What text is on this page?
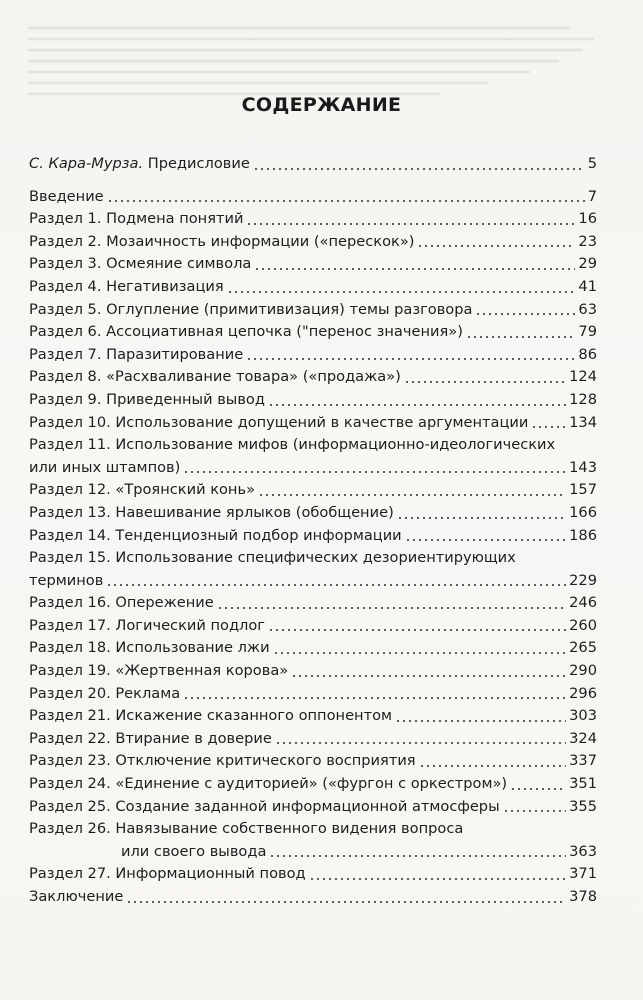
СОДЕРЖАНИЕ
С. Кара-Мурза. Предисловие	5
Введение	7
Раздел 1. Подмена понятий	16
Раздел 2. Мозаичность информации («перескок»)	23
Раздел 3. Осмеяние символа	29
Раздел 4. Негативизация	41
Раздел 5. Оглупление (примитивизация) темы разговора	63
Раздел 6. Ассоциативная цепочка ("перенос значения»)	79
Раздел 7. Паразитирование	86
Раздел 8. «Расхваливание товара» («продажа»)	124
Раздел 9. Приведенный вывод	128
Раздел 10. Использование допущений в качестве аргументации	134
Раздел 11. Использование мифов (информационно-идеологических
или иных штампов)	143
Раздел 12. «Троянский конь»	157
Раздел 13. Навешивание ярлыков (обобщение)	166
Раздел 14. Тенденциозный подбор информации	186
Раздел 15. Использование специфических дезориентирующих
терминов	229
Раздел 16. Опережение	246
Раздел 17. Логический подлог	260
Раздел 18. Использование лжи	265
Раздел 19. «Жертвенная корова»	290
Раздел 20. Реклама	296
Раздел 21. Искажение сказанного оппонентом	303
Раздел 22. Втирание в доверие	324
Раздел 23. Отключение критического восприятия	337
Раздел 24. «Единение с аудиторией» («фургон с оркестром»)	351
Раздел 25. Создание заданной информационной атмосферы	355
Раздел 26. Навязывание собственного видения вопроса
или своего вывода	363
Раздел 27. Информационный повод	371
Заключение	378
